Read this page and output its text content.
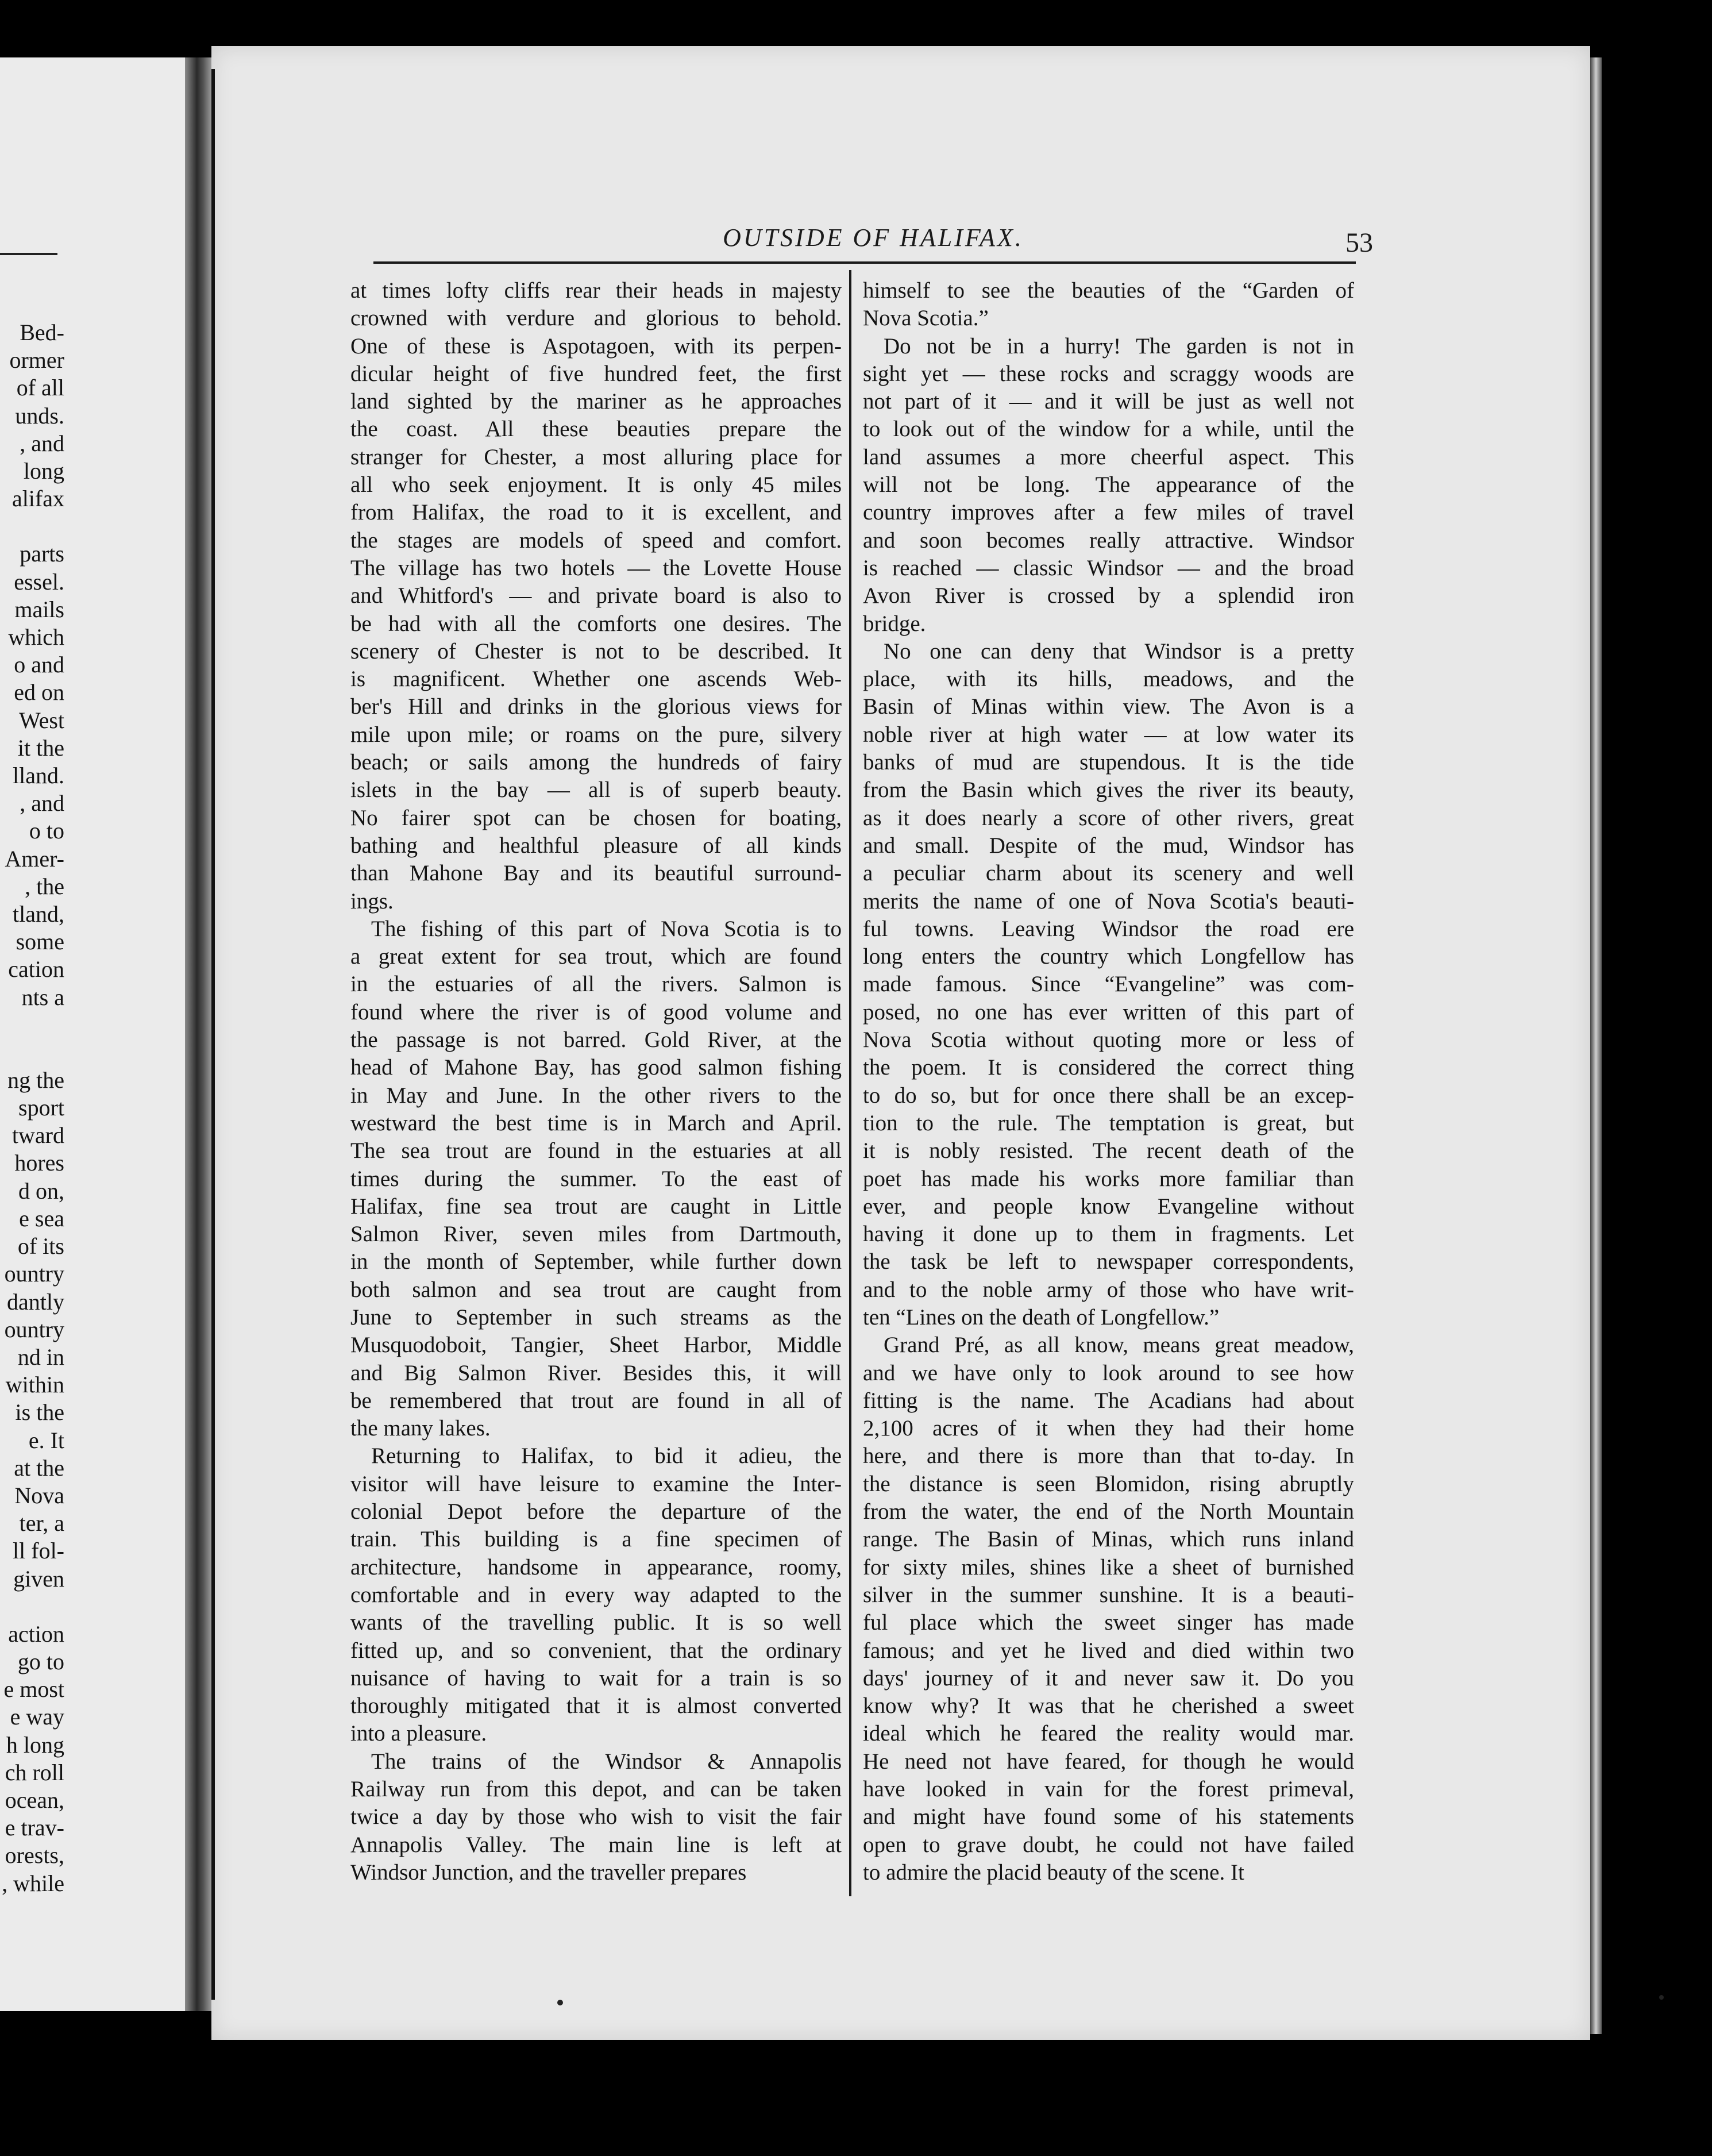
Bed-
ormer
of all
unds.
, and
long
alifax
parts
essel.
mails
which
o and
ed on
West
it the
lland.
, and
o to
Amer-
, the
tland,
some
cation
nts a
ng the
sport
tward
hores
d on,
e sea
of its
ountry
dantly
ountry
nd in
within
is the
e. It
at the
Nova
ter, a
ll fol-
given
action
go to
e most
e way
h long
ch roll
ocean,
e trav-
orests,
, while
OUTSIDE OF HALIFAX.	53

at times lofty cliffs rear their heads in majesty
crowned with verdure and glorious to behold.
One of these is Aspotagoen, with its perpen-
dicular height of five hundred feet, the first
land sighted by the mariner as he approaches
the coast. All these beauties prepare the
stranger for Chester, a most alluring place for
all who seek enjoyment. It is only 45 miles
from Halifax, the road to it is excellent, and
the stages are models of speed and comfort.
The village has two hotels — the Lovette House
and Whitford's — and private board is also to
be had with all the comforts one desires. The
scenery of Chester is not to be described. It
is magnificent. Whether one ascends Web-
ber's Hill and drinks in the glorious views for
mile upon mile; or roams on the pure, silvery
beach; or sails among the hundreds of fairy
islets in the bay — all is of superb beauty.
No fairer spot can be chosen for boating,
bathing and healthful pleasure of all kinds
than Mahone Bay and its beautiful surround-
ings.

The fishing of this part of Nova Scotia is to
a great extent for sea trout, which are found
in the estuaries of all the rivers. Salmon is
found where the river is of good volume and
the passage is not barred. Gold River, at the
head of Mahone Bay, has good salmon fishing
in May and June. In the other rivers to the
westward the best time is in March and April.
The sea trout are found in the estuaries at all
times during the summer. To the east of
Halifax, fine sea trout are caught in Little
Salmon River, seven miles from Dartmouth,
in the month of September, while further down
both salmon and sea trout are caught from
June to September in such streams as the
Musquodoboit, Tangier, Sheet Harbor, Middle
and Big Salmon River. Besides this, it will
be remembered that trout are found in all of
the many lakes.

Returning to Halifax, to bid it adieu, the
visitor will have leisure to examine the Inter-
colonial Depot before the departure of the
train. This building is a fine specimen of
architecture, handsome in appearance, roomy,
comfortable and in every way adapted to the
wants of the travelling public. It is so well
fitted up, and so convenient, that the ordinary
nuisance of having to wait for a train is so
thoroughly mitigated that it is almost converted
into a pleasure.

The trains of the Windsor & Annapolis
Railway run from this depot, and can be taken
twice a day by those who wish to visit the fair
Annapolis Valley. The main line is left at
Windsor Junction, and the traveller prepares

himself to see the beauties of the “Garden of
Nova Scotia.”

Do not be in a hurry! The garden is not in
sight yet — these rocks and scraggy woods are
not part of it — and it will be just as well not
to look out of the window for a while, until the
land assumes a more cheerful aspect. This
will not be long. The appearance of the
country improves after a few miles of travel
and soon becomes really attractive. Windsor
is reached — classic Windsor — and the broad
Avon River is crossed by a splendid iron
bridge.

No one can deny that Windsor is a pretty
place, with its hills, meadows, and the
Basin of Minas within view. The Avon is a
noble river at high water — at low water its
banks of mud are stupendous. It is the tide
from the Basin which gives the river its beauty,
as it does nearly a score of other rivers, great
and small. Despite of the mud, Windsor has
a peculiar charm about its scenery and well
merits the name of one of Nova Scotia's beauti-
ful towns. Leaving Windsor the road ere
long enters the country which Longfellow has
made famous. Since “Evangeline” was com-
posed, no one has ever written of this part of
Nova Scotia without quoting more or less of
the poem. It is considered the correct thing
to do so, but for once there shall be an excep-
tion to the rule. The temptation is great, but
it is nobly resisted. The recent death of the
poet has made his works more familiar than
ever, and people know Evangeline without
having it done up to them in fragments. Let
the task be left to newspaper correspondents,
and to the noble army of those who have writ-
ten “Lines on the death of Longfellow.”

Grand Pré, as all know, means great meadow,
and we have only to look around to see how
fitting is the name. The Acadians had about
2,100 acres of it when they had their home
here, and there is more than that to-day. In
the distance is seen Blomidon, rising abruptly
from the water, the end of the North Mountain
range. The Basin of Minas, which runs inland
for sixty miles, shines like a sheet of burnished
silver in the summer sunshine. It is a beauti-
ful place which the sweet singer has made
famous; and yet he lived and died within two
days' journey of it and never saw it. Do you
know why? It was that he cherished a sweet
ideal which he feared the reality would mar.
He need not have feared, for though he would
have looked in vain for the forest primeval,
and might have found some of his statements
open to grave doubt, he could not have failed
to admire the placid beauty of the scene. It
